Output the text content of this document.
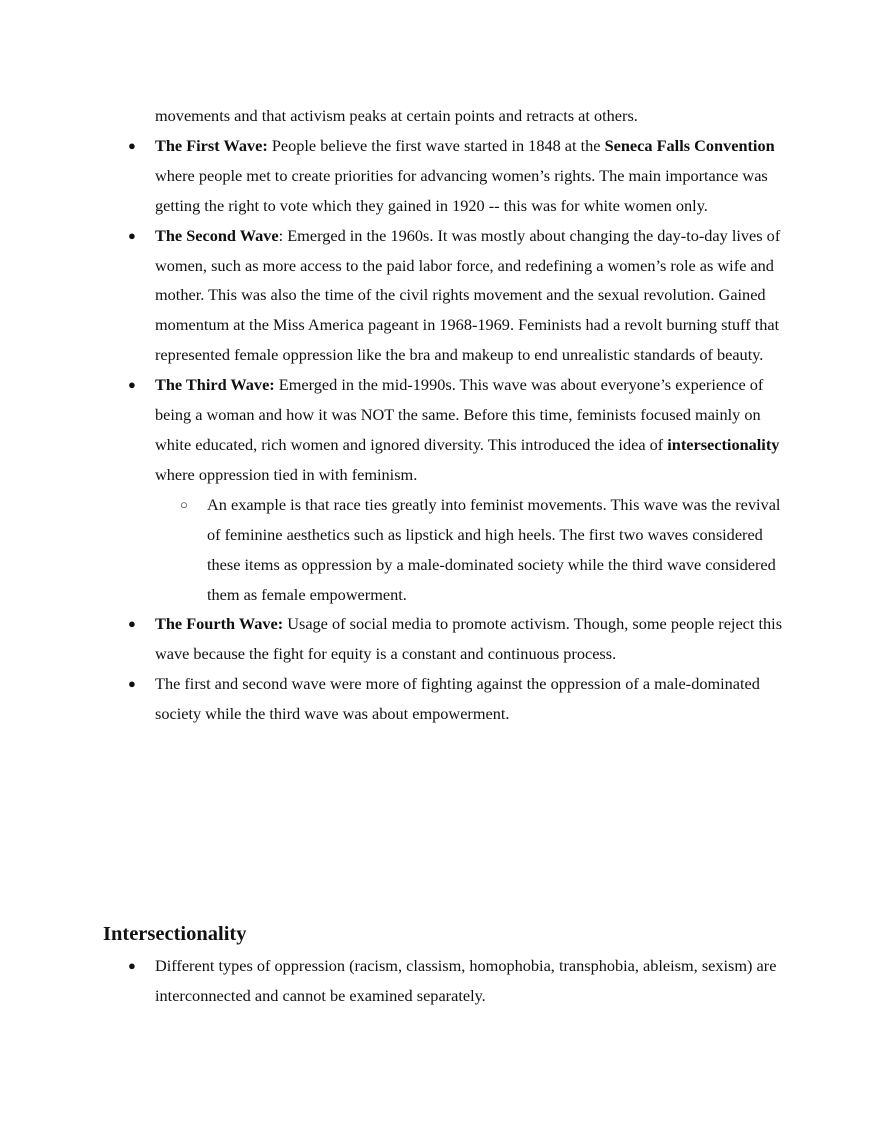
movements and that activism peaks at certain points and retracts at others.

● The First Wave: People believe the first wave started in 1848 at the Seneca Falls Convention where people met to create priorities for advancing women’s rights. The main importance was getting the right to vote which they gained in 1920 -- this was for white women only.
● The Second Wave: Emerged in the 1960s. It was mostly about changing the day-to-day lives of women, such as more access to the paid labor force, and redefining a women’s role as wife and mother. This was also the time of the civil rights movement and the sexual revolution. Gained momentum at the Miss America pageant in 1968-1969. Feminists had a revolt burning stuff that represented female oppression like the bra and makeup to end unrealistic standards of beauty.
● The Third Wave: Emerged in the mid-1990s. This wave was about everyone’s experience of being a woman and how it was NOT the same. Before this time, feminists focused mainly on white educated, rich women and ignored diversity. This introduced the idea of intersectionality where oppression tied in with feminism.
○ An example is that race ties greatly into feminist movements. This wave was the revival of feminine aesthetics such as lipstick and high heels. The first two waves considered these items as oppression by a male-dominated society while the third wave considered them as female empowerment.
● The Fourth Wave: Usage of social media to promote activism. Though, some people reject this wave because the fight for equity is a constant and continuous process.
● The first and second wave were more of fighting against the oppression of a male-dominated society while the third wave was about empowerment.
Intersectionality
● Different types of oppression (racism, classism, homophobia, transphobia, ableism, sexism) are interconnected and cannot be examined separately.
